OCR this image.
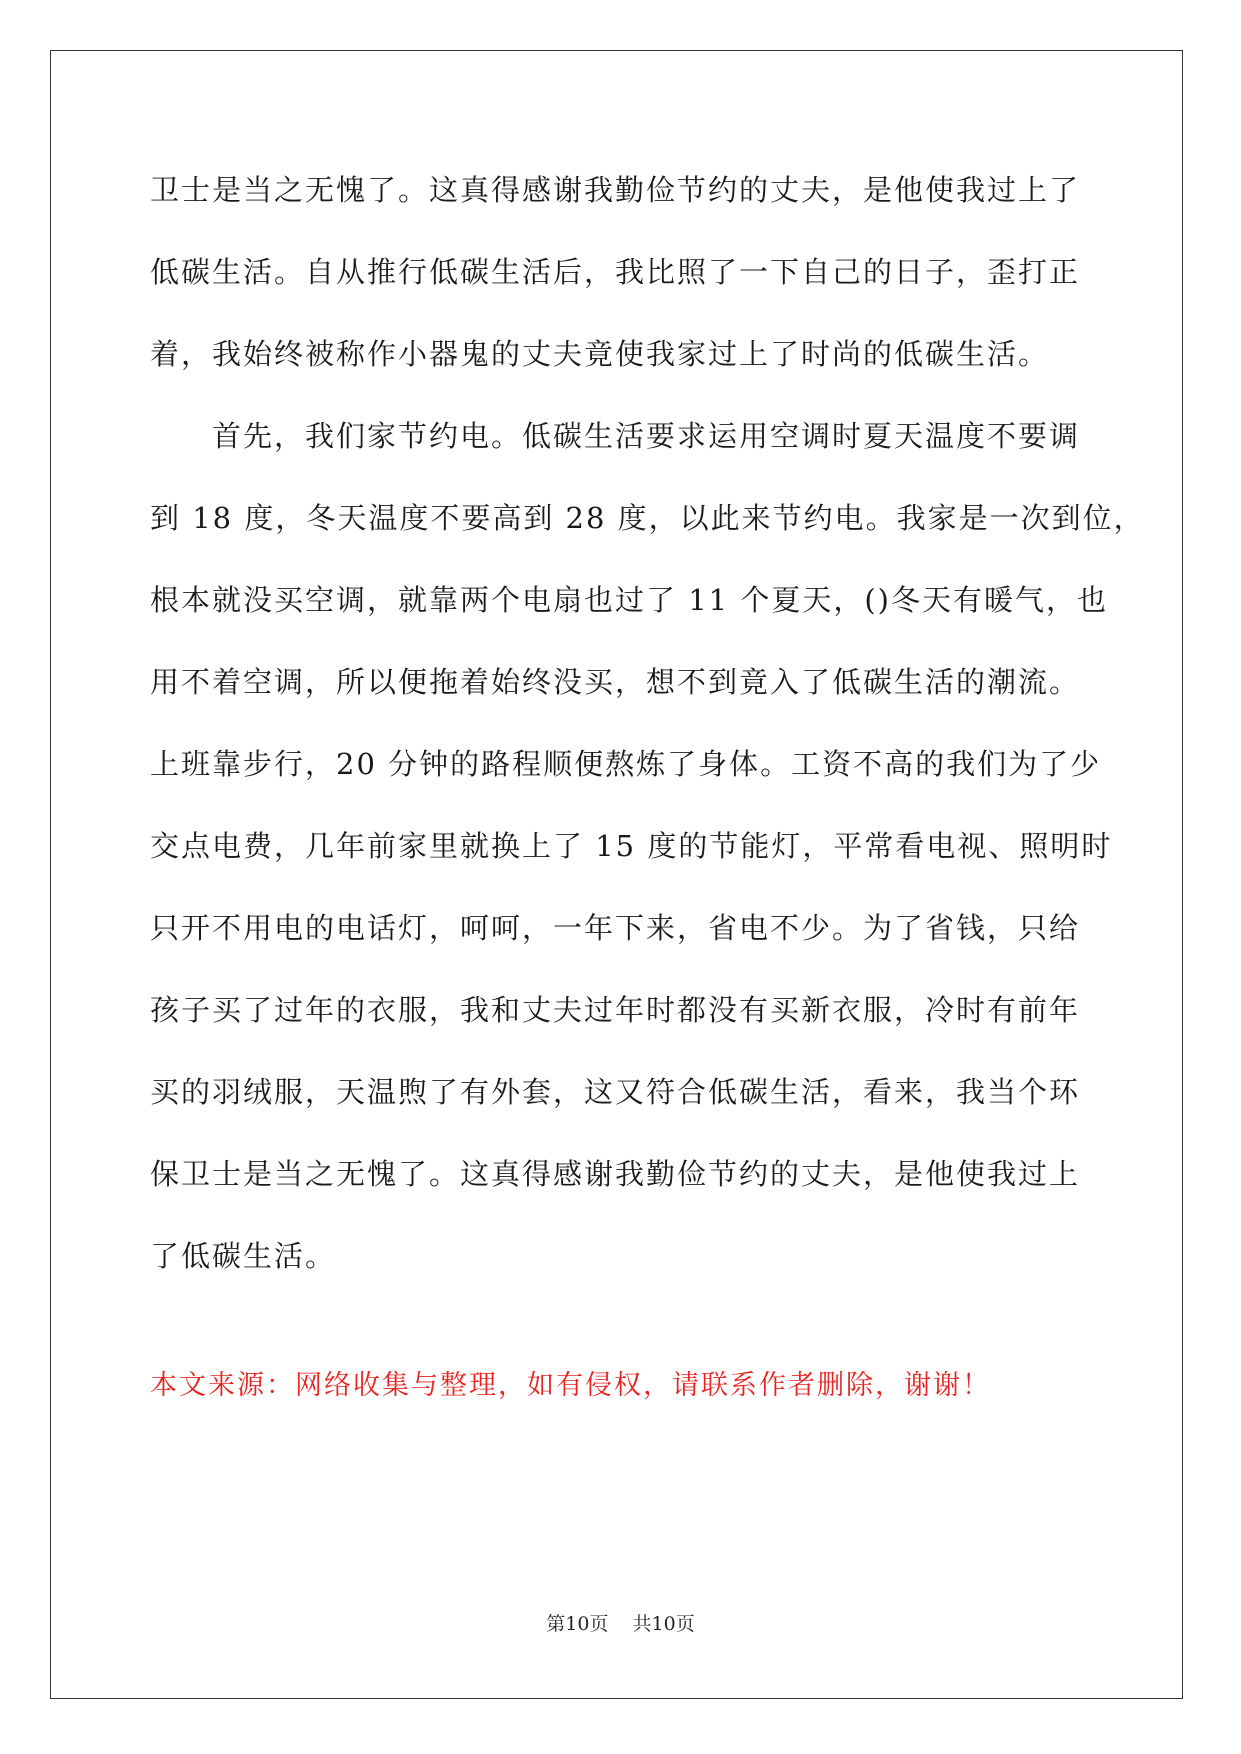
卫士是当之无愧了。这真得感谢我勤俭节约的丈夫，是他使我过上了
低碳生活。自从推行低碳生活后，我比照了一下自己的日子，歪打正
着，我始终被称作小器鬼的丈夫竟使我家过上了时尚的低碳生活。
首先，我们家节约电。低碳生活要求运用空调时夏天温度不要调
到 18 度，冬天温度不要高到 28 度，以此来节约电。我家是一次到位，
根本就没买空调，就靠两个电扇也过了 11 个夏天，()冬天有暖气，也
用不着空调，所以便拖着始终没买，想不到竟入了低碳生活的潮流。
上班靠步行，20 分钟的路程顺便熬炼了身体。工资不高的我们为了少
交点电费，几年前家里就换上了 15 度的节能灯，平常看电视、照明时
只开不用电的电话灯，呵呵，一年下来，省电不少。为了省钱，只给
孩子买了过年的衣服，我和丈夫过年时都没有买新衣服，冷时有前年
买的羽绒服，天温煦了有外套，这又符合低碳生活，看来，我当个环
保卫士是当之无愧了。这真得感谢我勤俭节约的丈夫，是他使我过上
了低碳生活。
本文来源：网络收集与整理，如有侵权，请联系作者删除，谢谢！
第10页 共10页
